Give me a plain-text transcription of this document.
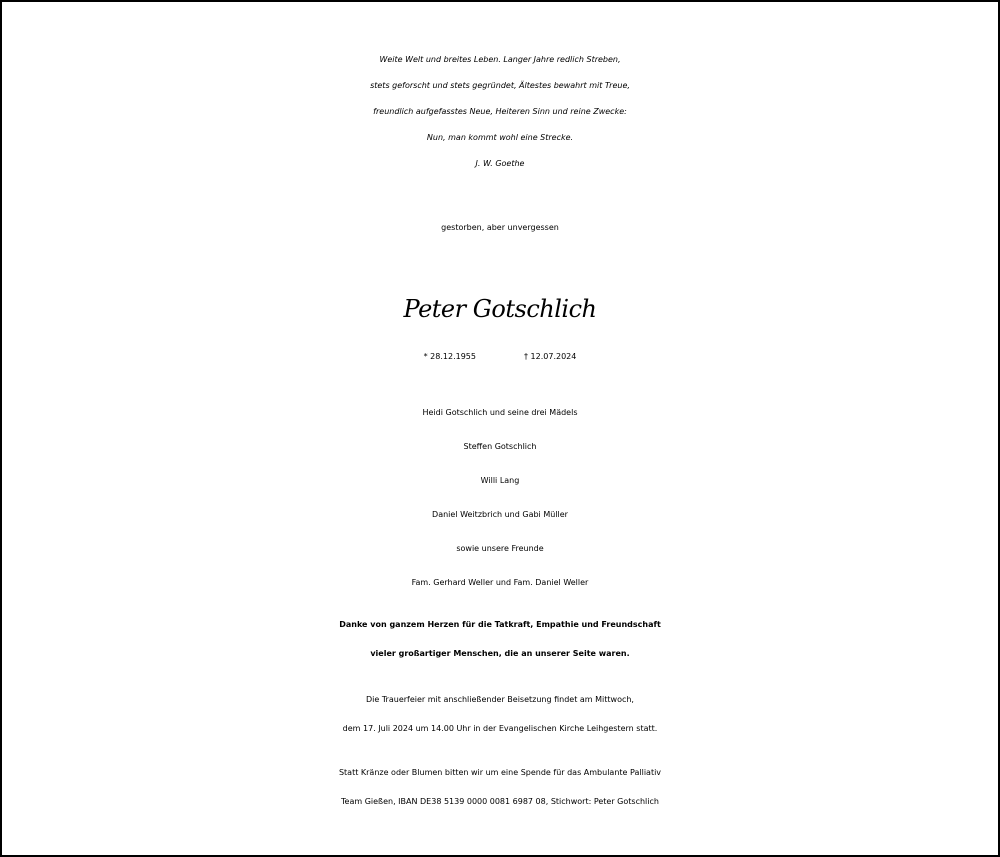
Weite Welt und breites Leben. Langer Jahre redlich Streben,
stets geforscht und stets gegründet, Ältestes bewahrt mit Treue,
freundlich aufgefasstes Neue, Heiteren Sinn und reine Zwecke:
Nun, man kommt wohl eine Strecke.
J. W. Goethe
gestorben, aber unvergessen
Peter Gotschlich
* 28.12.1955	† 12.07.2024
Heidi Gotschlich und seine drei Mädels
Steffen Gotschlich
Willi Lang
Daniel Weitzbrich und Gabi Müller
sowie unsere Freunde
Fam. Gerhard Weller und Fam. Daniel Weller
Danke von ganzem Herzen für die Tatkraft, Empathie und Freundschaft
vieler großartiger Menschen, die an unserer Seite waren.
Die Trauerfeier mit anschließender Beisetzung findet am Mittwoch,
dem 17. Juli 2024 um 14.00 Uhr in der Evangelischen Kirche Leihgestern statt.
Statt Kränze oder Blumen bitten wir um eine Spende für das Ambulante Palliativ
Team Gießen, IBAN DE38 5139 0000 0081 6987 08, Stichwort: Peter Gotschlich
